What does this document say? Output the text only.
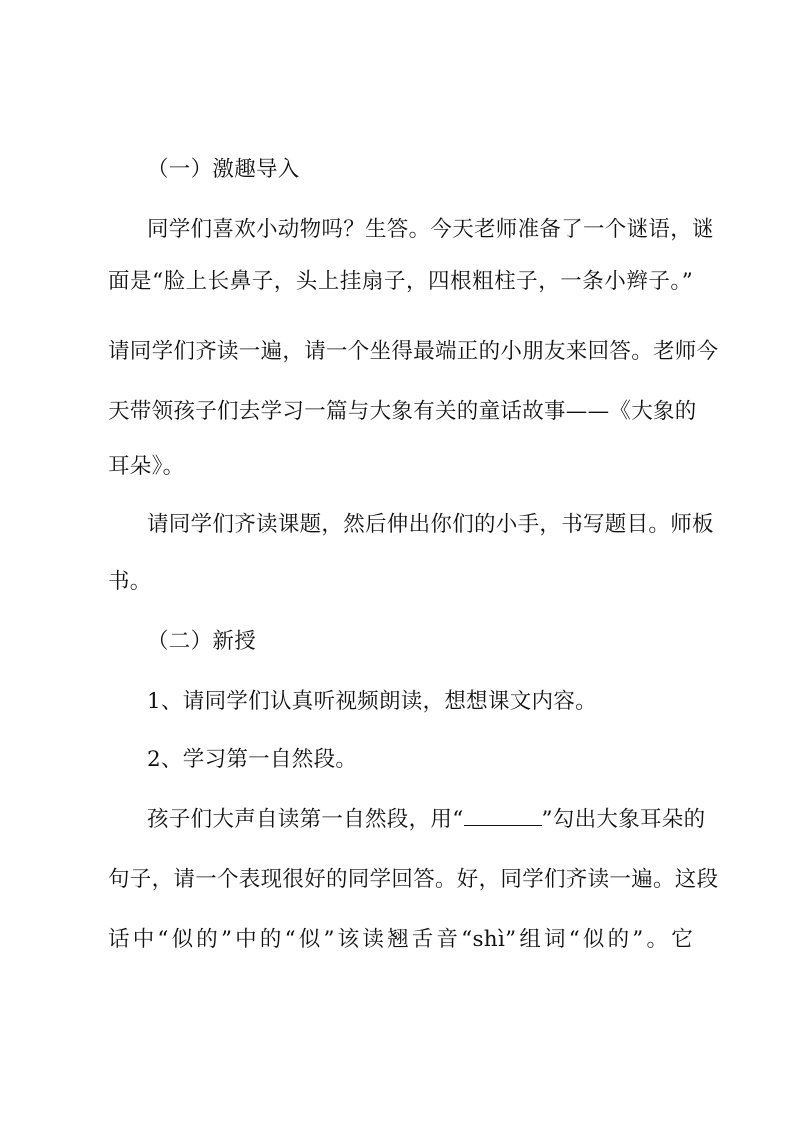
（一）激趣导入
同学们喜欢小动物吗？生答。今天老师准备了一个谜语，谜
面是“脸上长鼻子，头上挂扇子，四根粗柱子，一条小辫子。”
请同学们齐读一遍，请一个坐得最端正的小朋友来回答。老师今
天带领孩子们去学习一篇与大象有关的童话故事——《大象的
耳朵》。
请同学们齐读课题，然后伸出你们的小手，书写题目。师板
书。
（二）新授
1、请同学们认真听视频朗读，想想课文内容。
2、学习第一自然段。
孩子们大声自读第一自然段，用“	”勾出大象耳朵的
句子，请一个表现很好的同学回答。好，同学们齐读一遍。这段
话中“似的”中的“似”该读翘舌音“shì”组词“似的”。它
